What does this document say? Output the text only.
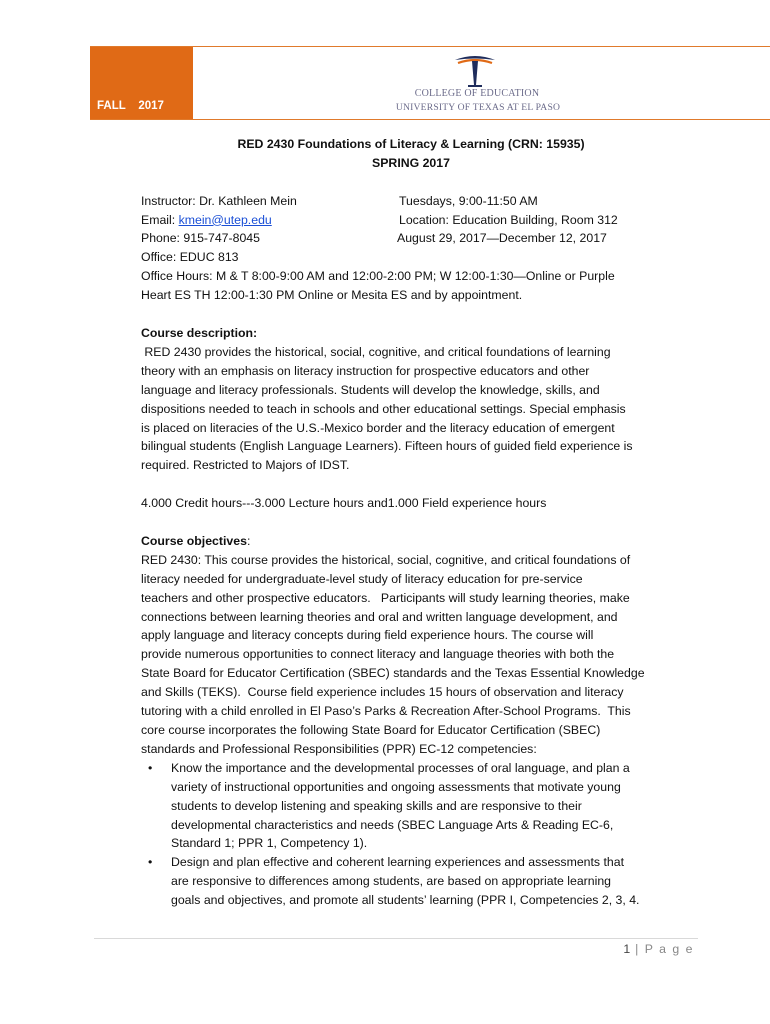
FALL    2017
COLLEGE OF EDUCATION
UNIVERSITY OF TEXAS AT EL PASO
RED 2430 Foundations of Literacy & Learning (CRN: 15935)
SPRING 2017
Instructor: Dr. Kathleen Mein	Tuesdays, 9:00-11:50 AM
Email: kmein@utep.edu	Location: Education Building, Room 312
Phone: 915-747-8045	August 29, 2017—December 12, 2017

Office: EDUC 813

Office Hours: M & T 8:00-9:00 AM and 12:00-2:00 PM; W 12:00-1:30—Online or Purple

Heart ES TH 12:00-1:30 PM Online or Mesita ES and by appointment.

Course description:

RED 2430 provides the historical, social, cognitive, and critical foundations of learning

theory with an emphasis on literacy instruction for prospective educators and other

language and literacy professionals. Students will develop the knowledge, skills, and

dispositions needed to teach in schools and other educational settings. Special emphasis

is placed on literacies of the U.S.-Mexico border and the literacy education of emergent

bilingual students (English Language Learners). Fifteen hours of guided field experience is

required. Restricted to Majors of IDST.

4.000 Credit hours---3.000 Lecture hours and1.000 Field experience hours

Course objectives:

RED 2430: This course provides the historical, social, cognitive, and critical foundations of

literacy needed for undergraduate-level study of literacy education for pre-service

teachers and other prospective educators.   Participants will study learning theories, make

connections between learning theories and oral and written language development, and

apply language and literacy concepts during field experience hours. The course will

provide numerous opportunities to connect literacy and language theories with both the

State Board for Educator Certification (SBEC) standards and the Texas Essential Knowledge

and Skills (TEKS).  Course field experience includes 15 hours of observation and literacy

tutoring with a child enrolled in El Paso’s Parks & Recreation After-School Programs.  This

core course incorporates the following State Board for Educator Certification (SBEC)

standards and Professional Responsibilities (PPR) EC-12 competencies:

• Know the importance and the developmental processes of oral language, and plan a
variety of instructional opportunities and ongoing assessments that motivate young
students to develop listening and speaking skills and are responsive to their
developmental characteristics and needs (SBEC Language Arts & Reading EC-6,
Standard 1; PPR 1, Competency 1).
• Design and plan effective and coherent learning experiences and assessments that
are responsive to differences among students, are based on appropriate learning
goals and objectives, and promote all students’ learning (PPR I, Competencies 2, 3, 4.
1 | P a g e
